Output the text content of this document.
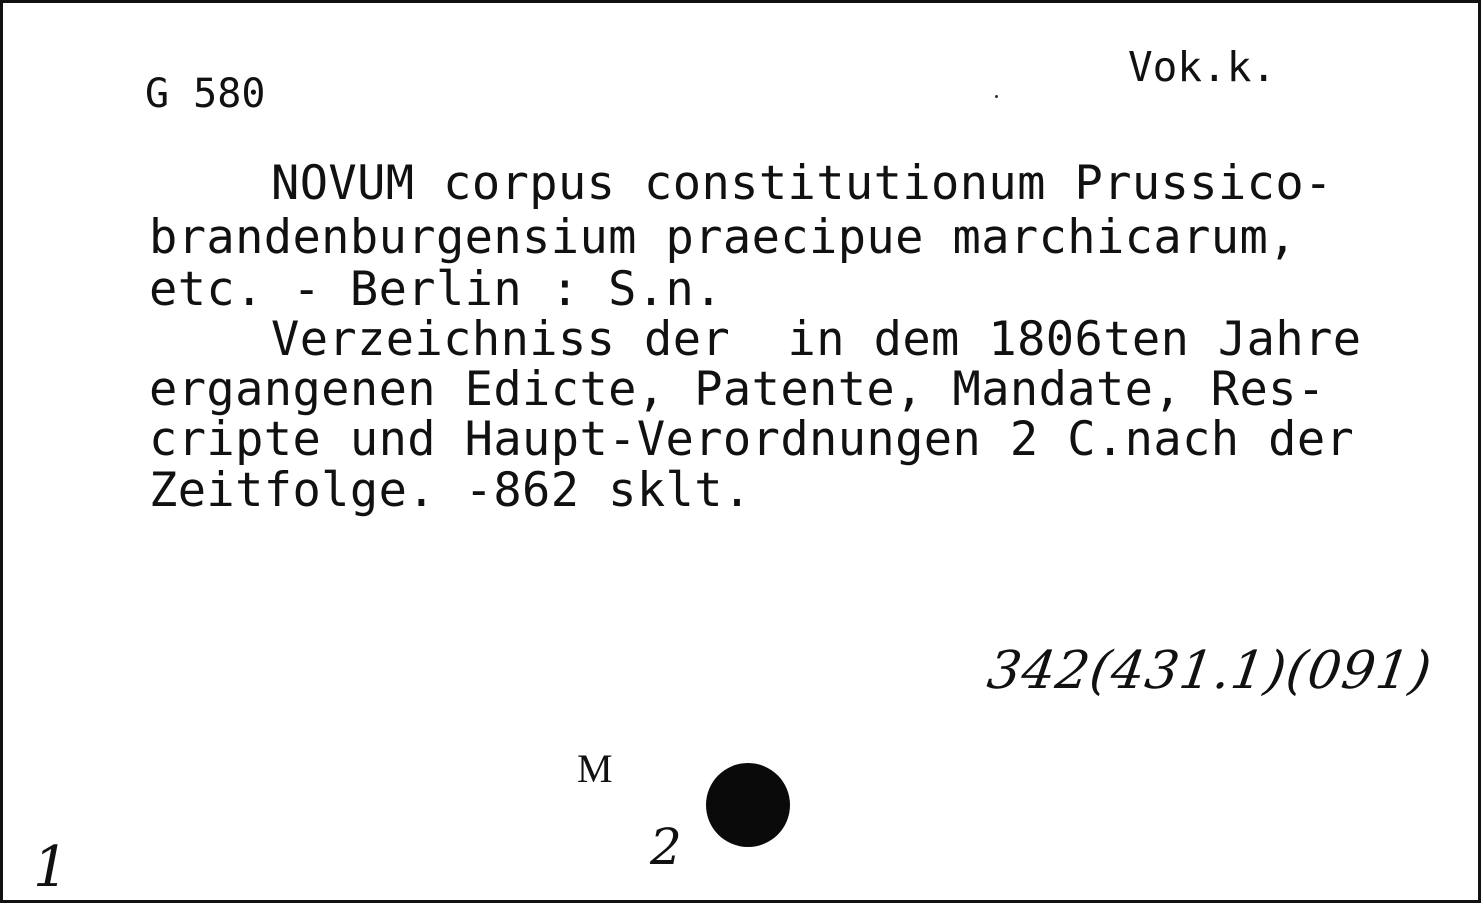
G 580
Vok.k.
NOVUM corpus constitutionum Prussico-
brandenburgensium praecipue marchicarum,
etc. - Berlin : S.n.
Verzeichniss der  in dem 1806ten Jahre
ergangenen Edicte, Patente, Mandate, Res-
cripte und Haupt-Verordnungen 2 C.nach der
Zeitfolge. -862 sklt.
342(431.1)(091)
M
2
1
